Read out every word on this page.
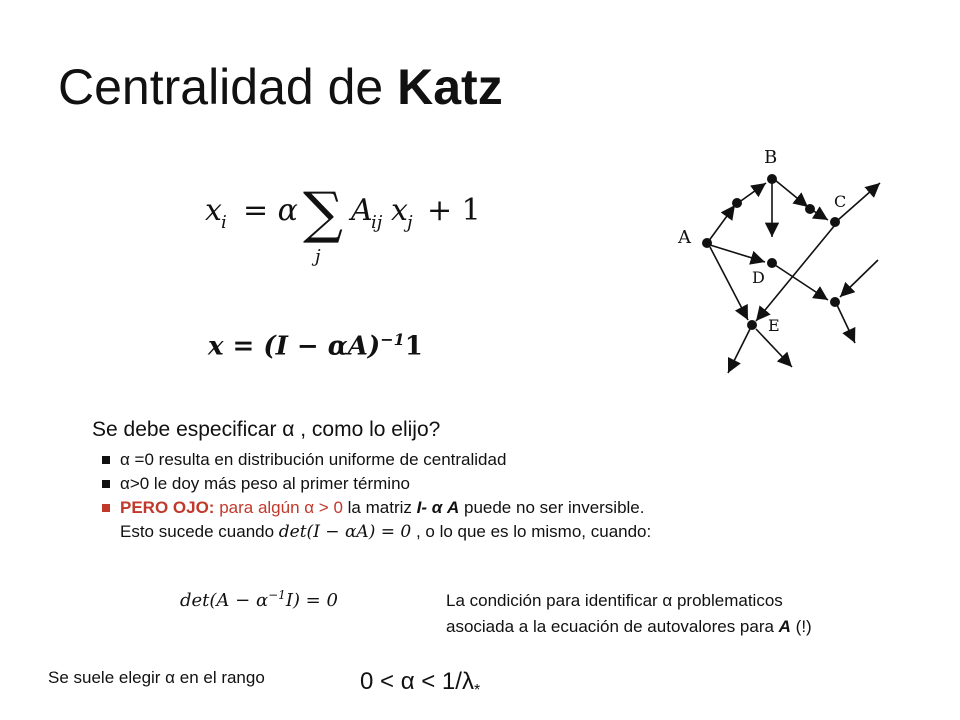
Centralidad de Katz
x i = α ∑
j
A
ij x j + 1
$x = (I - \alpha A)^{-1}1$
A
B
C
D
E
Se debe especificar α , como lo elijo?
α =0 resulta en distribución uniforme de centralidad
α>0 le doy más peso al primer término
PERO OJO: para algún α > 0 la matriz I- α A puede no ser inversible.
Esto sucede cuando det(I − αA) = 0 , o lo que es lo mismo, cuando:
$\det(A - \alpha^{-1}I) = 0$	La condición para identificar α problematicos
asociada a la ecuación de autovalores para A (!)
Se suele elegir α en el rango	$0 < \alpha < 1/\lambda_*$
